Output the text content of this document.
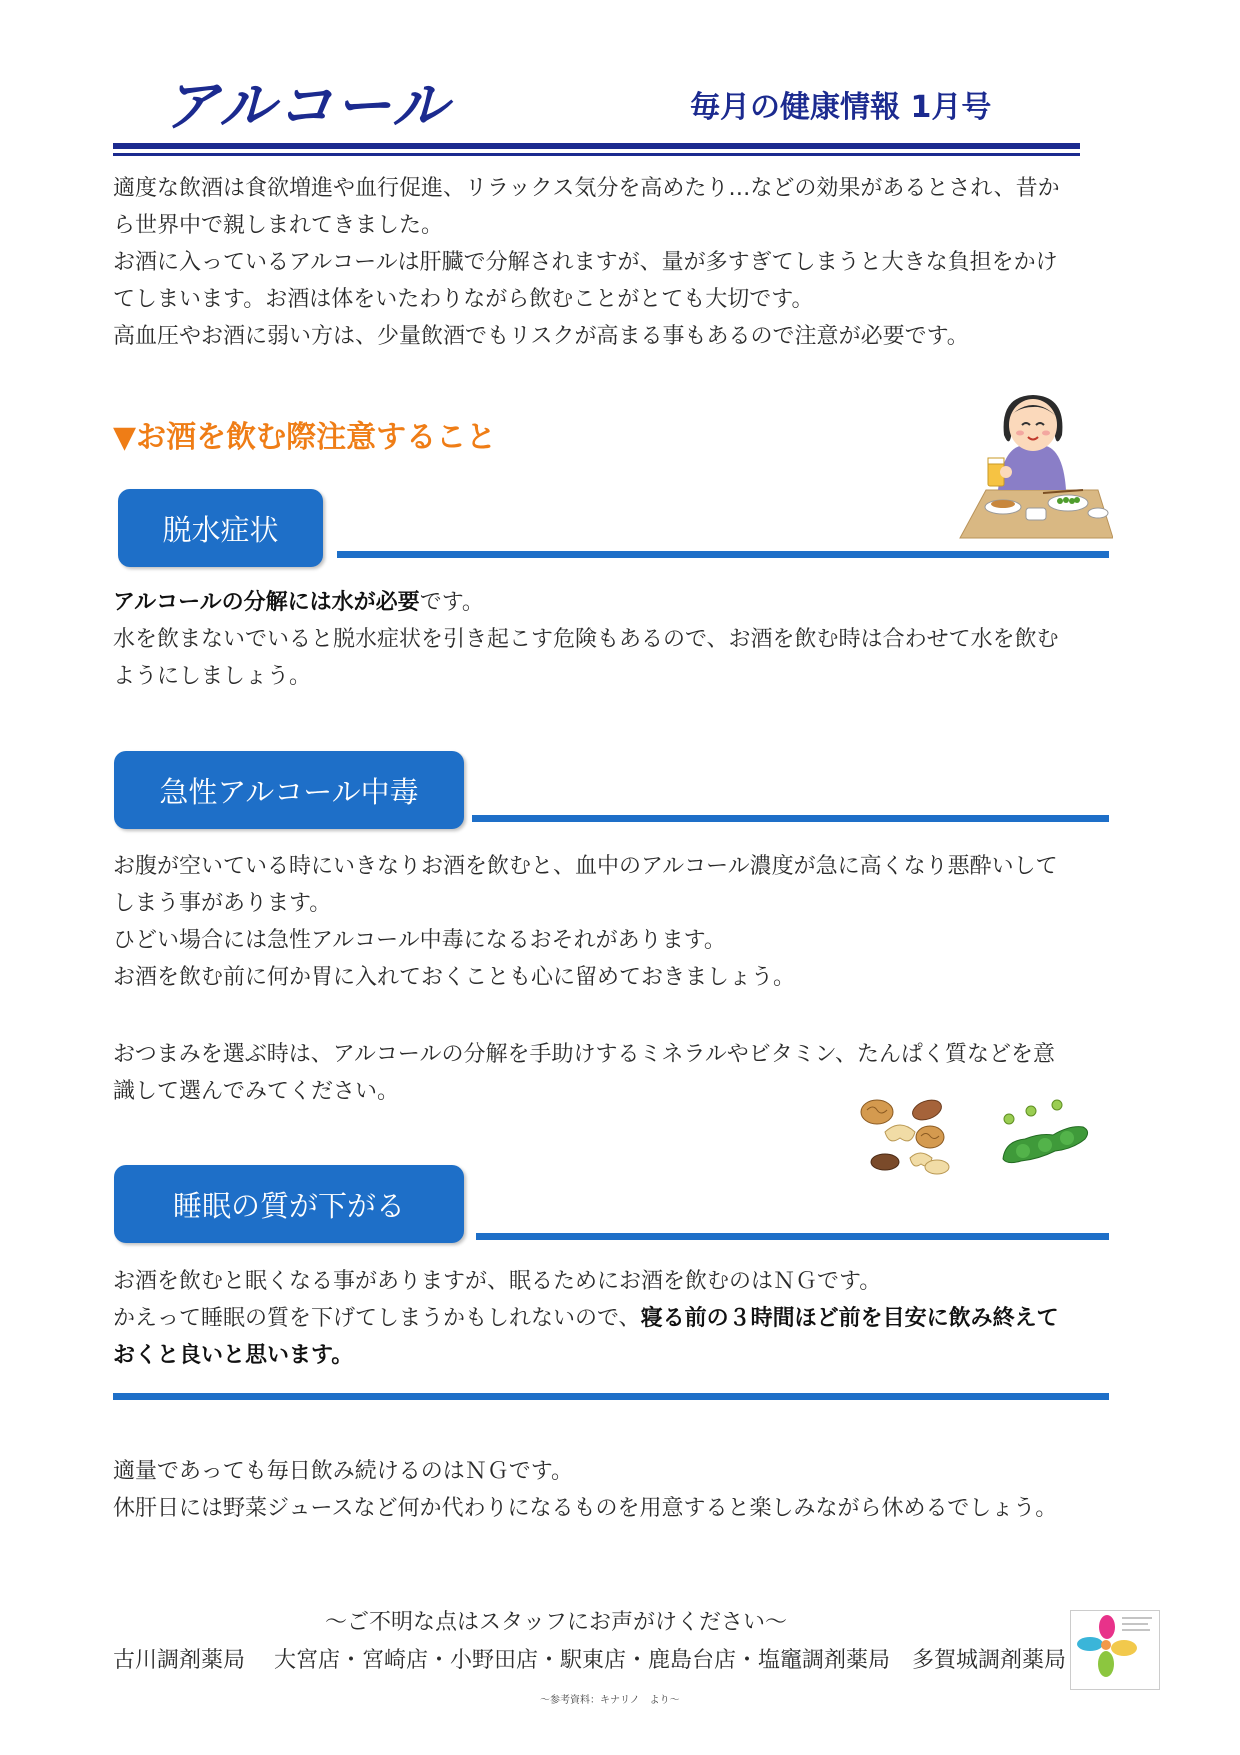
アルコール	毎月の健康情報 1月号

適度な飲酒は食欲増進や血行促進、リラックス気分を高めたり…などの効果があるとされ、昔か

ら世界中で親しまれてきました。

お酒に入っているアルコールは肝臓で分解されますが、量が多すぎてしまうと大きな負担をかけ

てしまいます。お酒は体をいたわりながら飲むことがとても大切です。

高血圧やお酒に弱い方は、少量飲酒でもリスクが高まる事もあるので注意が必要です。

▼お酒を飲む際注意すること
脱水症状

アルコールの分解には水が必要です。

水を飲まないでいると脱水症状を引き起こす危険もあるので、お酒を飲む時は合わせて水を飲む

ようにしましょう。

急性アルコール中毒

お腹が空いている時にいきなりお酒を飲むと、血中のアルコール濃度が急に高くなり悪酔いして

しまう事があります。

ひどい場合には急性アルコール中毒になるおそれがあります。

お酒を飲む前に何か胃に入れておくことも心に留めておきましょう。

おつまみを選ぶ時は、アルコールの分解を手助けするミネラルやビタミン、たんぱく質などを意

識して選んでみてください。

睡眠の質が下がる

お酒を飲むと眠くなる事がありますが、眠るためにお酒を飲むのはＮＧです。

かえって睡眠の質を下げてしまうかもしれないので、寝る前の３時間ほど前を目安に飲み終えて

おくと良いと思います。

適量であっても毎日飲み続けるのはＮＧです。

休肝日には野菜ジュースなど何か代わりになるものを用意すると楽しみながら休めるでしょう。

～ご不明な点はスタッフにお声がけください～
古川調剤薬局　 大宮店・宮崎店・小野田店・駅東店・鹿島台店・塩竈調剤薬局　多賀城調剤薬局
～参考資料：キナリノ　より～
